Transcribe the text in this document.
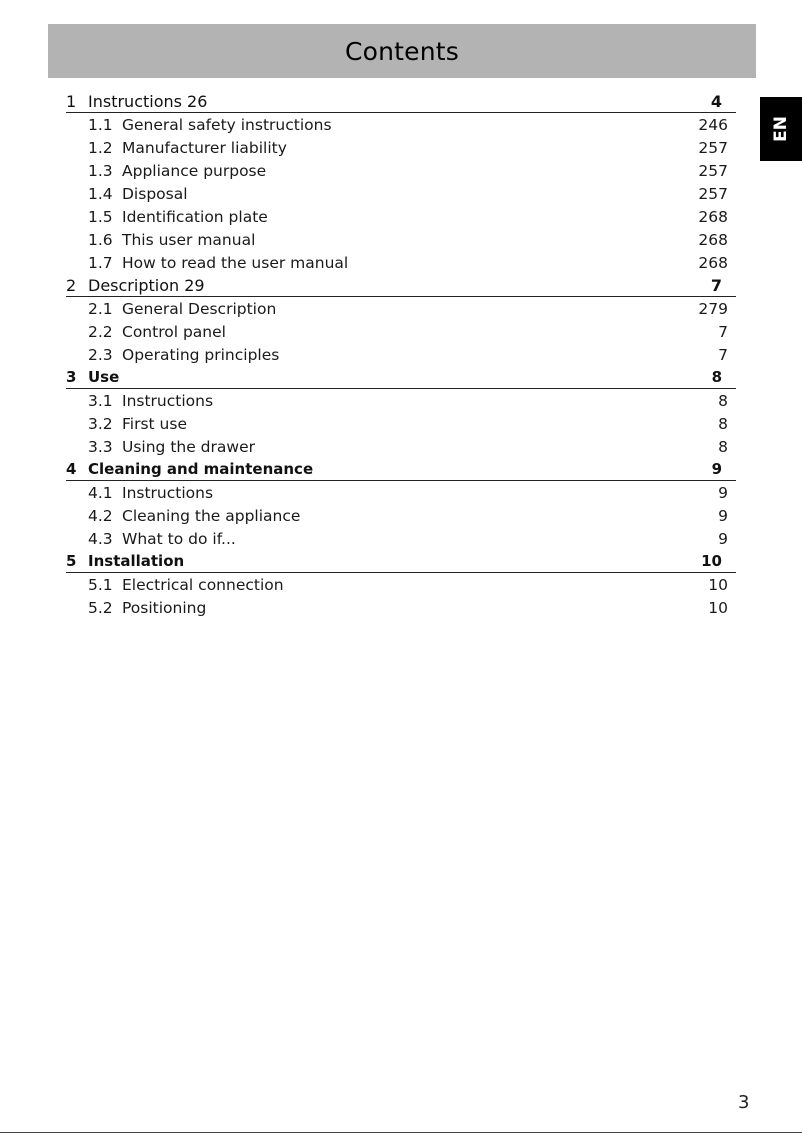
Contents
EN
1 Instructions 26	4
1.1 General safety instructions	246
1.2 Manufacturer liability	257
1.3 Appliance purpose	257
1.4 Disposal	257
1.5 Identification plate	268
1.6 This user manual	268
1.7 How to read the user manual	268
2 Description 29	7
2.1 General Description	279
2.2 Control panel	7
2.3 Operating principles	7
3 Use	8
3.1 Instructions	8
3.2 First use	8
3.3 Using the drawer	8
4 Cleaning and maintenance	9
4.1 Instructions	9
4.2 Cleaning the appliance	9
4.3 What to do if...	9
5 Installation	10
5.1 Electrical connection	10
5.2 Positioning	10
3
